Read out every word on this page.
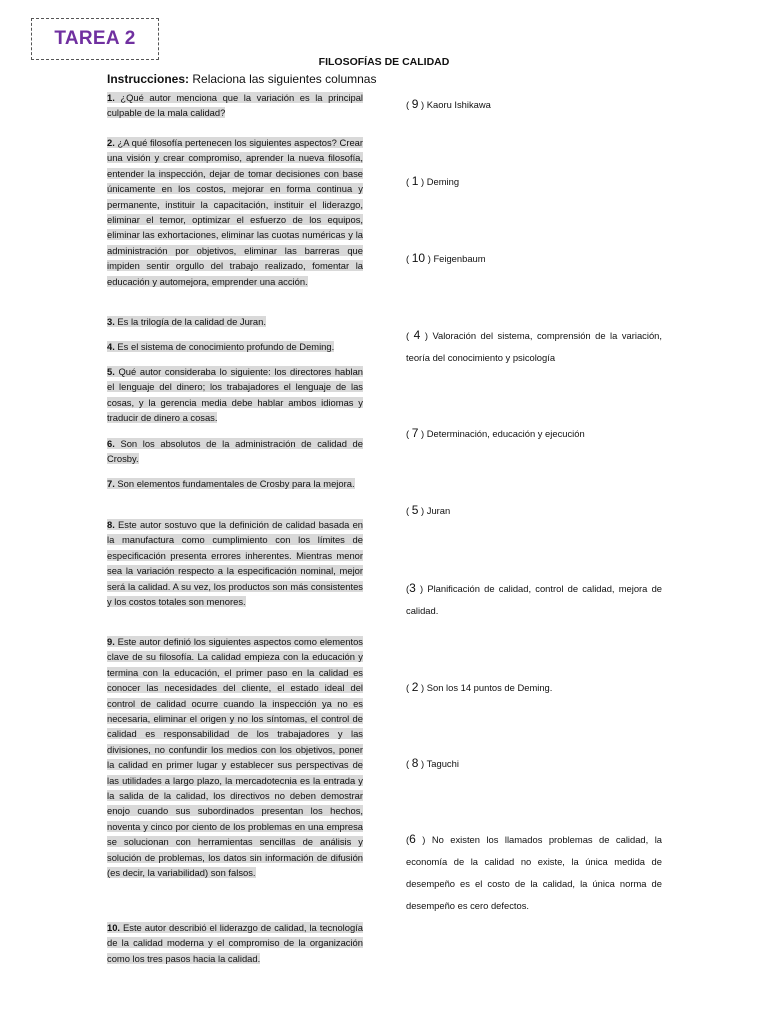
TAREA 2
FILOSOFÍAS DE CALIDAD
Instrucciones: Relaciona las siguientes columnas
1. ¿Qué autor menciona que la variación es la principal culpable de la mala calidad?
2. ¿A qué filosofía pertenecen los siguientes aspectos? Crear una visión y crear compromiso, aprender la nueva filosofía, entender la inspección, dejar de tomar decisiones con base únicamente en los costos, mejorar en forma continua y permanente, instituir la capacitación, instituir el liderazgo, eliminar el temor, optimizar el esfuerzo de los equipos, eliminar las exhortaciones, eliminar las cuotas numéricas y la administración por objetivos, eliminar las barreras que impiden sentir orgullo del trabajo realizado, fomentar la educación y automejora, emprender una acción.
3. Es la trilogía de la calidad de Juran.
4. Es el sistema de conocimiento profundo de Deming.
5. Qué autor consideraba lo siguiente: los directores hablan el lenguaje del dinero; los trabajadores el lenguaje de las cosas, y la gerencia media debe hablar ambos idiomas y traducir de dinero a cosas.
6. Son los absolutos de la administración de calidad de Crosby.
7. Son elementos fundamentales de Crosby para la mejora.
8. Este autor sostuvo que la definición de calidad basada en la manufactura como cumplimiento con los límites de especificación presenta errores inherentes. Mientras menor sea la variación respecto a la especificación nominal, mejor será la calidad. A su vez, los productos son más consistentes y los costos totales son menores.
9. Este autor definió los siguientes aspectos como elementos clave de su filosofía. La calidad empieza con la educación y termina con la educación, el primer paso en la calidad es conocer las necesidades del cliente, el estado ideal del control de calidad ocurre cuando la inspección ya no es necesaria, eliminar el origen y no los síntomas, el control de calidad es responsabilidad de los trabajadores y las divisiones, no confundir los medios con los objetivos, poner la calidad en primer lugar y establecer sus perspectivas de las utilidades a largo plazo, la mercadotecnia es la entrada y la salida de la calidad, los directivos no deben demostrar enojo cuando sus subordinados presentan los hechos, noventa y cinco por ciento de los problemas en una empresa se solucionan con herramientas sencillas de análisis y solución de problemas, los datos sin información de difusión (es decir, la variabilidad) son falsos.
10. Este autor describió el liderazgo de calidad, la tecnología de la calidad moderna y el compromiso de la organización como los tres pasos hacia la calidad.
( 9 ) Kaoru Ishikawa
( 1 ) Deming
( 10 ) Feigenbaum
( 4 ) Valoración del sistema, comprensión de la variación, teoría del conocimiento y psicología
( 7 ) Determinación, educación y ejecución
( 5 ) Juran
(3 ) Planificación de calidad, control de calidad, mejora de calidad.
( 2 ) Son los 14 puntos de Deming.
( 8 ) Taguchi
(6 ) No existen los llamados problemas de calidad, la economía de la calidad no existe, la única medida de desempeño es el costo de la calidad, la única norma de desempeño es cero defectos.
